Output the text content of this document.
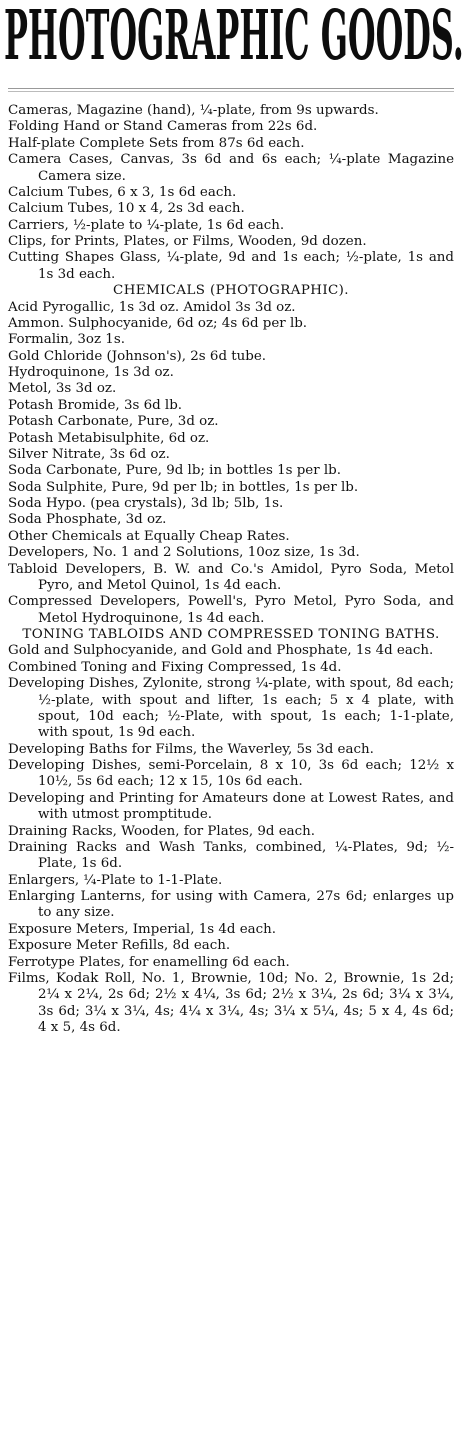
PHOTOGRAPHIC GOODS.

Cameras, Magazine (hand), ¼-plate, from 9s upwards.

Folding Hand or Stand Cameras from 22s 6d.

Half-plate Complete Sets from 87s 6d each.

Camera Cases, Canvas, 3s 6d and 6s each; ¼-plate Magazine Camera size.

Calcium Tubes, 6 x 3, 1s 6d each.

Calcium Tubes, 10 x 4, 2s 3d each.

Carriers, ½-plate to ¼-plate, 1s 6d each.

Clips, for Prints, Plates, or Films, Wooden, 9d dozen.

Cutting Shapes Glass, ¼-plate, 9d and 1s each; ½-plate, 1s and 1s 3d each.

CHEMICALS (PHOTOGRAPHIC).

Acid Pyrogallic, 1s 3d oz. Amidol 3s 3d oz.

Ammon. Sulphocyanide, 6d oz; 4s 6d per lb.

Formalin, 3oz 1s.

Gold Chloride (Johnson's), 2s 6d tube.

Hydroquinone, 1s 3d oz.

Metol, 3s 3d oz.

Potash Bromide, 3s 6d lb.

Potash Carbonate, Pure, 3d oz.

Potash Metabisulphite, 6d oz.

Silver Nitrate, 3s 6d oz.

Soda Carbonate, Pure, 9d lb; in bottles 1s per lb.

Soda Sulphite, Pure, 9d per lb; in bottles, 1s per lb.

Soda Hypo. (pea crystals), 3d lb; 5lb, 1s.

Soda Phosphate, 3d oz.

Other Chemicals at Equally Cheap Rates.

Developers, No. 1 and 2 Solutions, 10oz size, 1s 3d.

Tabloid Developers, B. W. and Co.'s Amidol, Pyro Soda, Metol Pyro, and Metol Quinol, 1s 4d each.

Compressed Developers, Powell's, Pyro Metol, Pyro Soda, and Metol Hydroquinone, 1s 4d each.

TONING TABLOIDS AND COMPRESSED TONING BATHS.

Gold and Sulphocyanide, and Gold and Phosphate, 1s 4d each.

Combined Toning and Fixing Compressed, 1s 4d.

Developing Dishes, Zylonite, strong ¼-plate, with spout, 8d each; ½-plate, with spout and lifter, 1s each; 5 x 4 plate, with spout, 10d each; ½-Plate, with spout, 1s each; 1-1-plate, with spout, 1s 9d each.

Developing Baths for Films, the Waverley, 5s 3d each.

Developing Dishes, semi-Porcelain, 8 x 10, 3s 6d each; 12½ x 10½, 5s 6d each; 12 x 15, 10s 6d each.

Developing and Printing for Amateurs done at Lowest Rates, and with utmost promptitude.

Draining Racks, Wooden, for Plates, 9d each.

Draining Racks and Wash Tanks, combined, ¼-Plates, 9d; ½-Plate, 1s 6d.

Enlargers, ¼-Plate to 1-1-Plate.

Enlarging Lanterns, for using with Camera, 27s 6d; enlarges up to any size.

Exposure Meters, Imperial, 1s 4d each.

Exposure Meter Refills, 8d each.

Ferrotype Plates, for enamelling 6d each.

Films, Kodak Roll, No. 1, Brownie, 10d; No. 2, Brownie, 1s 2d; 2¼ x 2¼, 2s 6d; 2½ x 4¼, 3s 6d; 2½ x 3¼, 2s 6d; 3¼ x 3¼, 3s 6d; 3¼ x 3¼, 4s; 4¼ x 3¼, 4s; 3¼ x 5¼, 4s; 5 x 4, 4s 6d; 4 x 5, 4s 6d.
